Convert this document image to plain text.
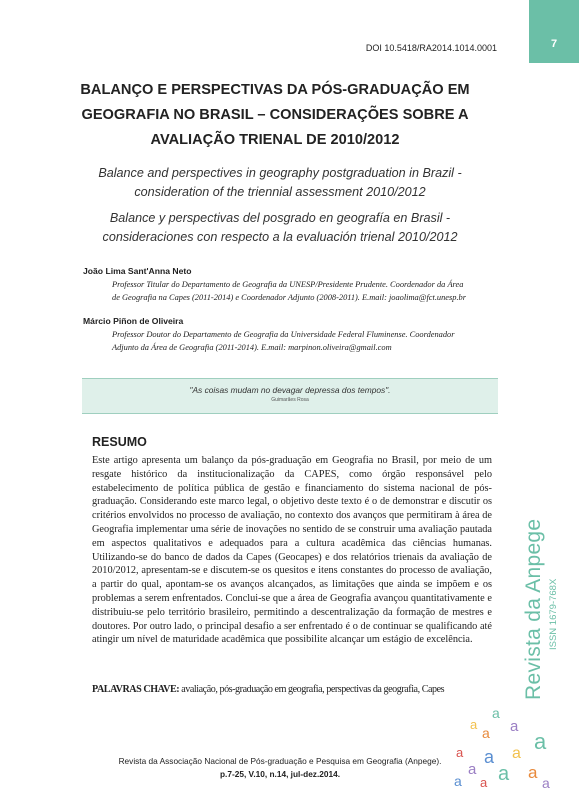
7
DOI 10.5418/RA2014.1014.0001
Revista da Anpege ISSN 1679-768X
BALANÇO E PERSPECTIVAS DA PÓS-GRADUAÇÃO EM
GEOGRAFIA NO BRASIL – CONSIDERAÇÕES SOBRE A
AVALIAÇÃO TRIENAL DE 2010/2012
Balance and perspectives in geography postgraduation in Brazil -
consideration of the triennial assessment 2010/2012
Balance y perspectivas del posgrado en geografía en Brasil -
consideraciones con respecto a la evaluación trienal 2010/2012
João Lima Sant'Anna Neto
Professor Titular do Departamento de Geografia da UNESP/Presidente Prudente. Coordenador da Área
de Geografia na Capes (2011-2014) e Coordenador Adjunto (2008-2011). E.mail: joaolima@fct.unesp.br
Márcio Piñon de Oliveira
Professor Doutor do Departamento de Geografia da Universidade Federal Fluminense. Coordenador
Adjunto da Área de Geografia (2011-2014). E.mail: marpinon.oliveira@gmail.com
"As coisas mudam no devagar depressa dos tempos".
Guimarães Rosa
RESUMO

Este artigo apresenta um balanço da pós-graduação em Geografia no Brasil, por meio de um resgate histórico da institucionalização da CAPES, como órgão responsável pelo estabelecimento de política pública de gestão e financiamento do sistema nacional de pós-graduação. Considerando este marco legal, o objetivo deste texto é o de demonstrar e discutir os critérios envolvidos no processo de avaliação, no contexto dos avanços que permitiram à área de Geografia implementar uma série de inovações no sentido de se construir uma avaliação pautada em aspectos qualitativos e adequados para a cultura acadêmica das ciências humanas. Utilizando-se do banco de dados da Capes (Geocapes) e dos relatórios trienais da avaliação de 2010/2012, apresentam-se e discutem-se os quesitos e itens constantes do processo de avaliação, a partir do qual, apontam-se os avanços alcançados, as limitações que ainda se impõem e os problemas a serem enfrentados. Conclui-se que a área de Geografia avançou quantitativamente e distribuiu-se pelo território brasileiro, permitindo a descentralização da formação de mestres e doutores. Por outro lado, o principal desafio a ser enfrentado é o de continuar se qualificando até atingir um nível de maturidade acadêmica que possibilite alcançar um estágio de excelência.

PALAVRAS CHAVE: avaliação, pós-graduação em geografia, perspectivas da geografia, Capes
Revista da Associação Nacional de Pós-graduação e Pesquisa em Geografia (Anpege).
p.7-25, V.10, n.14, jul-dez.2014.
a
a a
a a
a a a
a a a
a a	a
